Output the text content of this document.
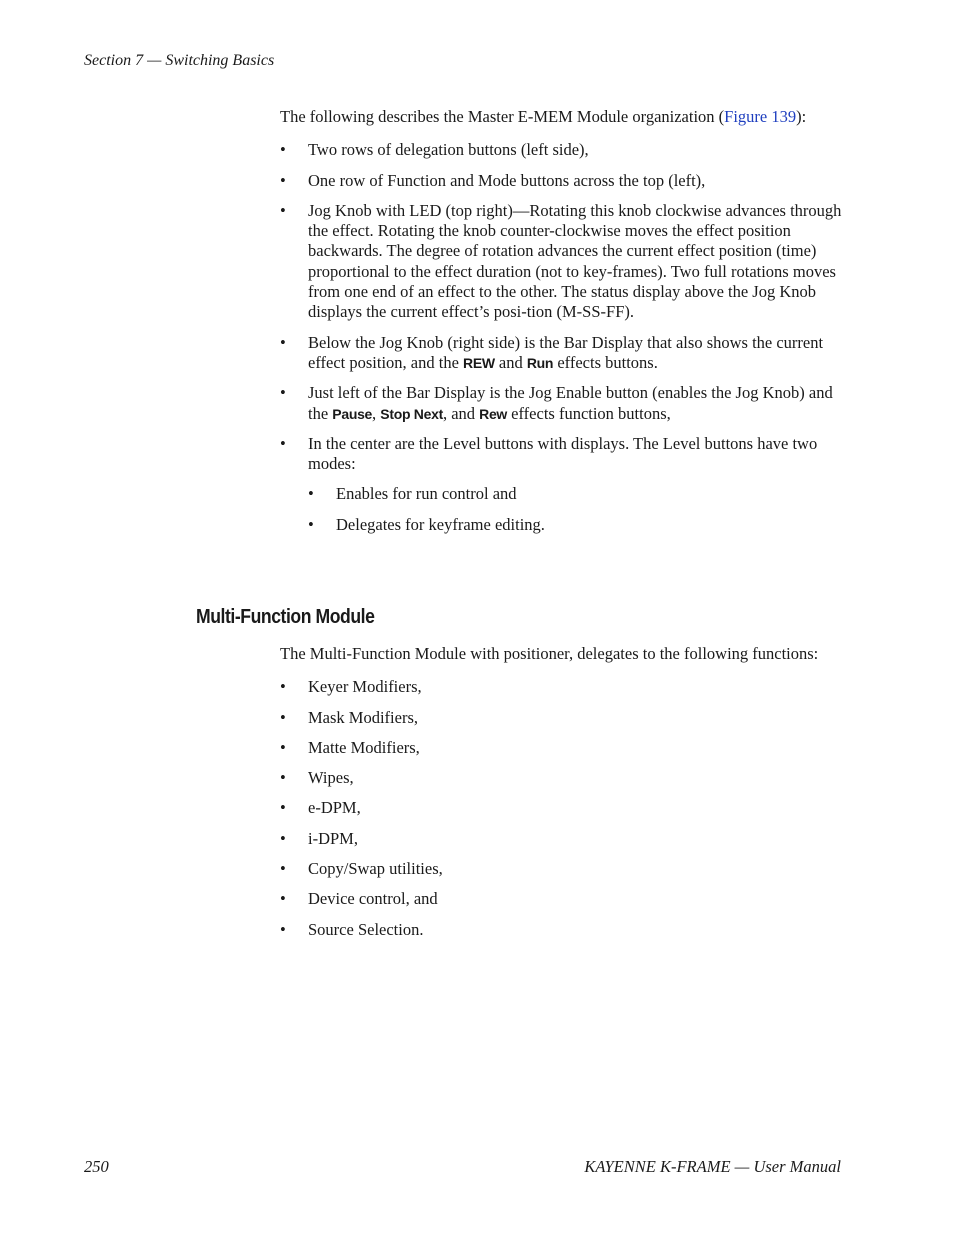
Section 7 — Switching Basics

The following describes the Master E-MEM Module organization (Figure 139):

• Two rows of delegation buttons (left side),
• One row of Function and Mode buttons across the top (left),
• Jog Knob with LED (top right)—Rotating this knob clockwise advances through the effect. Rotating the knob counter-clockwise moves the effect position backwards. The degree of rotation advances the current effect position (time) proportional to the effect duration (not to key-frames). Two full rotations moves from one end of an effect to the other. The status display above the Jog Knob displays the current effect’s posi-tion (M-SS-FF).
• Below the Jog Knob (right side) is the Bar Display that also shows the current effect position, and the REW and Run effects buttons.
• Just left of the Bar Display is the Jog Enable button (enables the Jog Knob) and the Pause, Stop Next, and Rew effects function buttons,
• In the center are the Level buttons with displays. The Level buttons have two modes:
• Enables for run control and
• Delegates for keyframe editing.
Multi-Function Module

The Multi-Function Module with positioner, delegates to the following functions:

• Keyer Modifiers,
• Mask Modifiers,
• Matte Modifiers,
• Wipes,
• e-DPM,
• i-DPM,
• Copy/Swap utilities,
• Device control, and
• Source Selection.
250	KAYENNE K-FRAME — User Manual
